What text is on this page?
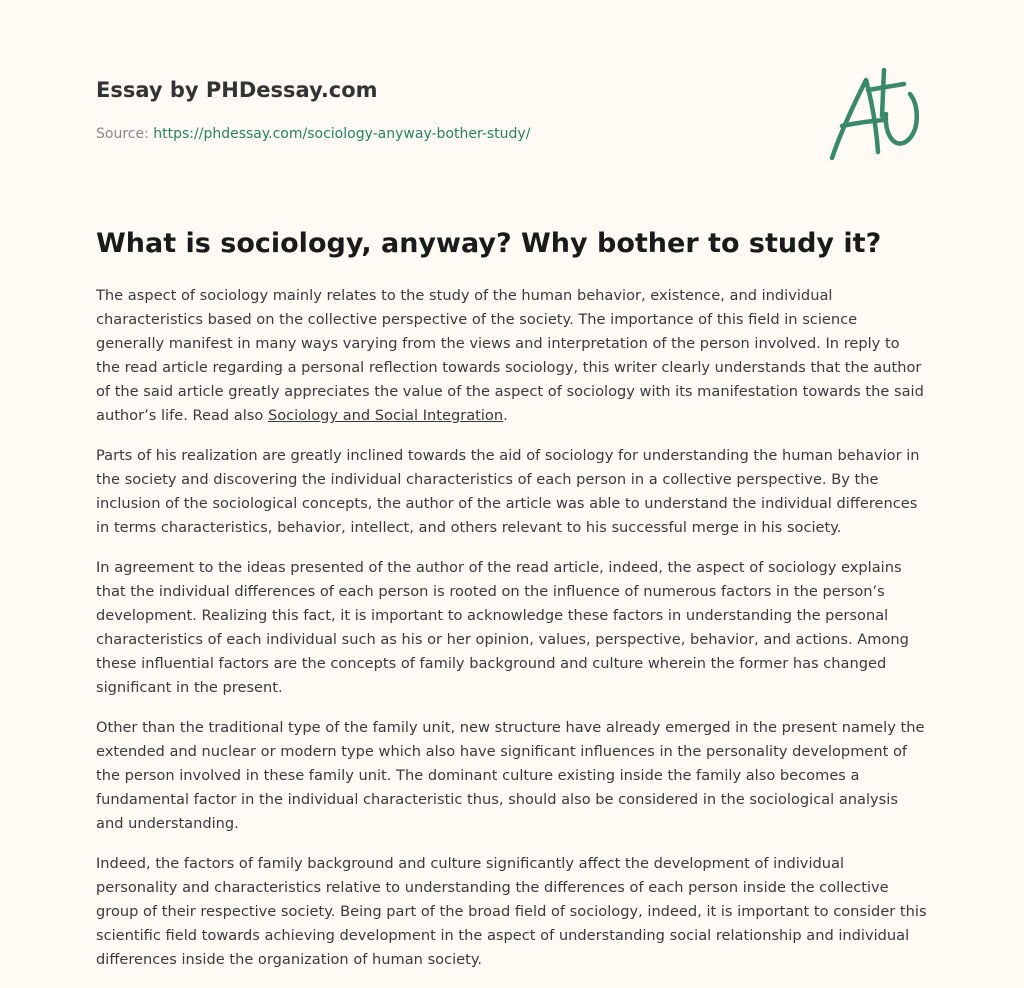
Essay by PHDessay.com
Source: https://phdessay.com/sociology-anyway-bother-study/
What is sociology, anyway? Why bother to study it?

The aspect of sociology mainly relates to the study of the human behavior, existence, and individual characteristics based on the collective perspective of the society. The importance of this field in science generally manifest in many ways varying from the views and interpretation of the person involved. In reply to the read article regarding a personal reflection towards sociology, this writer clearly understands that the author of the said article greatly appreciates the value of the aspect of sociology with its manifestation towards the said author’s life. Read also Sociology and Social Integration.

Parts of his realization are greatly inclined towards the aid of sociology for understanding the human behavior in the society and discovering the individual characteristics of each person in a collective perspective. By the inclusion of the sociological concepts, the author of the article was able to understand the individual differences in terms characteristics, behavior, intellect, and others relevant to his successful merge in his society.

In agreement to the ideas presented of the author of the read article, indeed, the aspect of sociology explains that the individual differences of each person is rooted on the influence of numerous factors in the person’s development. Realizing this fact, it is important to acknowledge these factors in understanding the personal characteristics of each individual such as his or her opinion, values, perspective, behavior, and actions. Among these influential factors are the concepts of family background and culture wherein the former has changed significant in the present.

Other than the traditional type of the family unit, new structure have already emerged in the present namely the extended and nuclear or modern type which also have significant influences in the personality development of the person involved in these family unit. The dominant culture existing inside the family also becomes a fundamental factor in the individual characteristic thus, should also be considered in the sociological analysis and understanding.

Indeed, the factors of family background and culture significantly affect the development of individual personality and characteristics relative to understanding the differences of each person inside the collective group of their respective society. Being part of the broad field of sociology, indeed, it is important to consider this scientific field towards achieving development in the aspect of understanding social relationship and individual differences inside the organization of human society.
